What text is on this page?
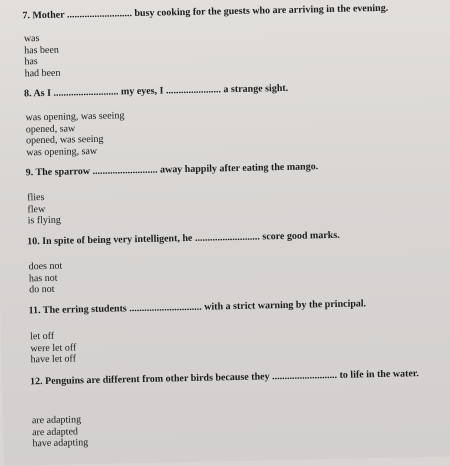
7. Mother .......................... busy cooking for the guests who are arriving in the evening.
was
has been
has
had been
8. As I .......................... my eyes, I ...................... a strange sight.
was opening, was seeing
opened, saw
opened, was seeing
was opening, saw
9. The sparrow .......................... away happily after eating the mango.
flies
flew
is flying
10. In spite of being very intelligent, he .......................... score good marks.
does not
has not
do not
11. The erring students ............................. with a strict warning by the principal.
let off
were let off
have let off
12. Penguins are different from other birds because they .......................... to life in the water.
are adapting
are adapted
have adapting
